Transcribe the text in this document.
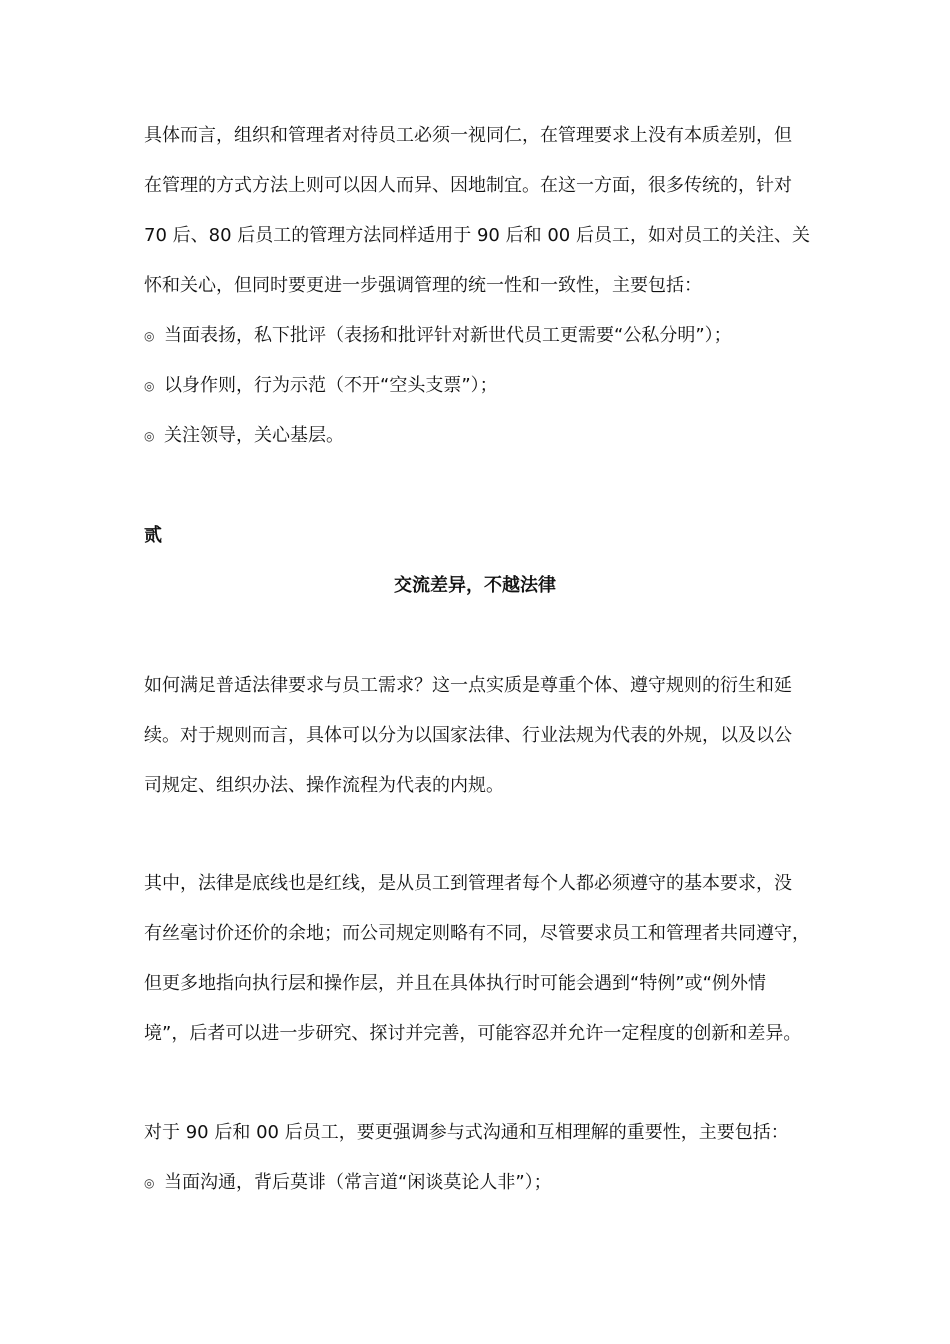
具体而言，组织和管理者对待员工必须一视同仁，在管理要求上没有本质差别，但
在管理的方式方法上则可以因人而异、因地制宜。在这一方面，很多传统的，针对
70 后、80 后员工的管理方法同样适用于 90 后和 00 后员工，如对员工的关注、关
怀和关心，但同时要更进一步强调管理的统一性和一致性，主要包括：
◎ 当面表扬，私下批评（表扬和批评针对新世代员工更需要“公私分明”）；
◎ 以身作则，行为示范（不开“空头支票”）；
◎ 关注领导，关心基层。
贰
交流差异，不越法律
如何满足普适法律要求与员工需求？这一点实质是尊重个体、遵守规则的衍生和延
续。对于规则而言，具体可以分为以国家法律、行业法规为代表的外规，以及以公
司规定、组织办法、操作流程为代表的内规。
其中，法律是底线也是红线，是从员工到管理者每个人都必须遵守的基本要求，没
有丝毫讨价还价的余地；而公司规定则略有不同，尽管要求员工和管理者共同遵守，
但更多地指向执行层和操作层，并且在具体执行时可能会遇到“特例”或“例外情
境”，后者可以进一步研究、探讨并完善，可能容忍并允许一定程度的创新和差异。
对于 90 后和 00 后员工，要更强调参与式沟通和互相理解的重要性，主要包括：
◎ 当面沟通，背后莫诽（常言道“闲谈莫论人非”）；
